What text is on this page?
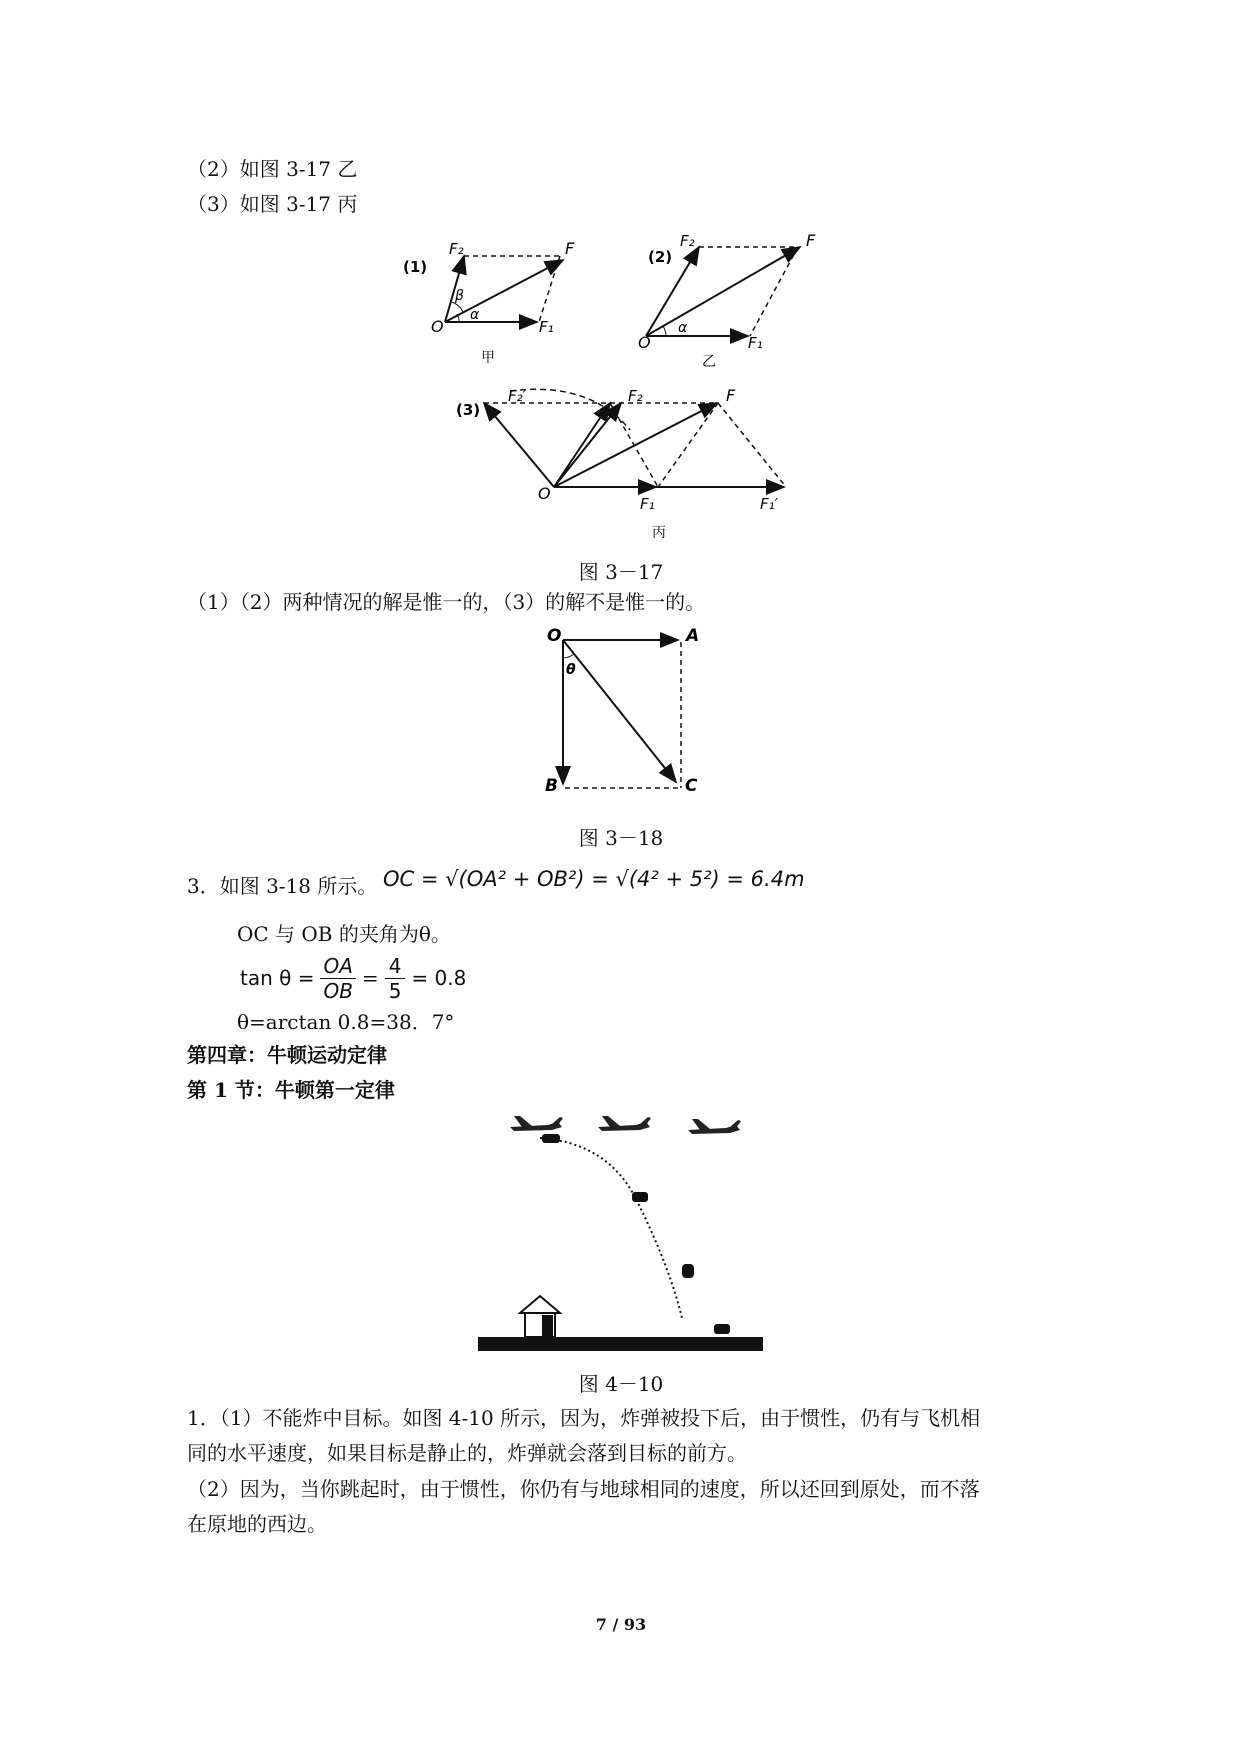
（2）如图 3-17 乙
（3）如图 3-17 丙
(1)
O	F₁
F₂	F
α
β
甲
(2)
O	F₁
F₂	F
α
乙
(3)
O
F₁	F₁′
F₂
F₂′	F
丙
图 3－17
（1）（2）两种情况的解是惟一的，（3）的解不是惟一的。
O	A
B	C
θ
图 3－18
3．如图 3-18 所示。 OC = √(OA² + OB²) = √(4² + 5²) = 6.4m
OC 与 OB 的夹角为θ。
$\tan \theta = \frac{OA}{OB} = \frac{4}{5} = 0.8$
θ=arctan 0.8=38．7°
第四章：牛顿运动定律
第 1 节：牛顿第一定律
图 4－10
1．（1）不能炸中目标。如图 4-10 所示，因为，炸弹被投下后，由于惯性，仍有与飞机相
同的水平速度，如果目标是静止的，炸弹就会落到目标的前方。
（2）因为，当你跳起时，由于惯性，你仍有与地球相同的速度，所以还回到原处，而不落
在原地的西边。
7 / 93
